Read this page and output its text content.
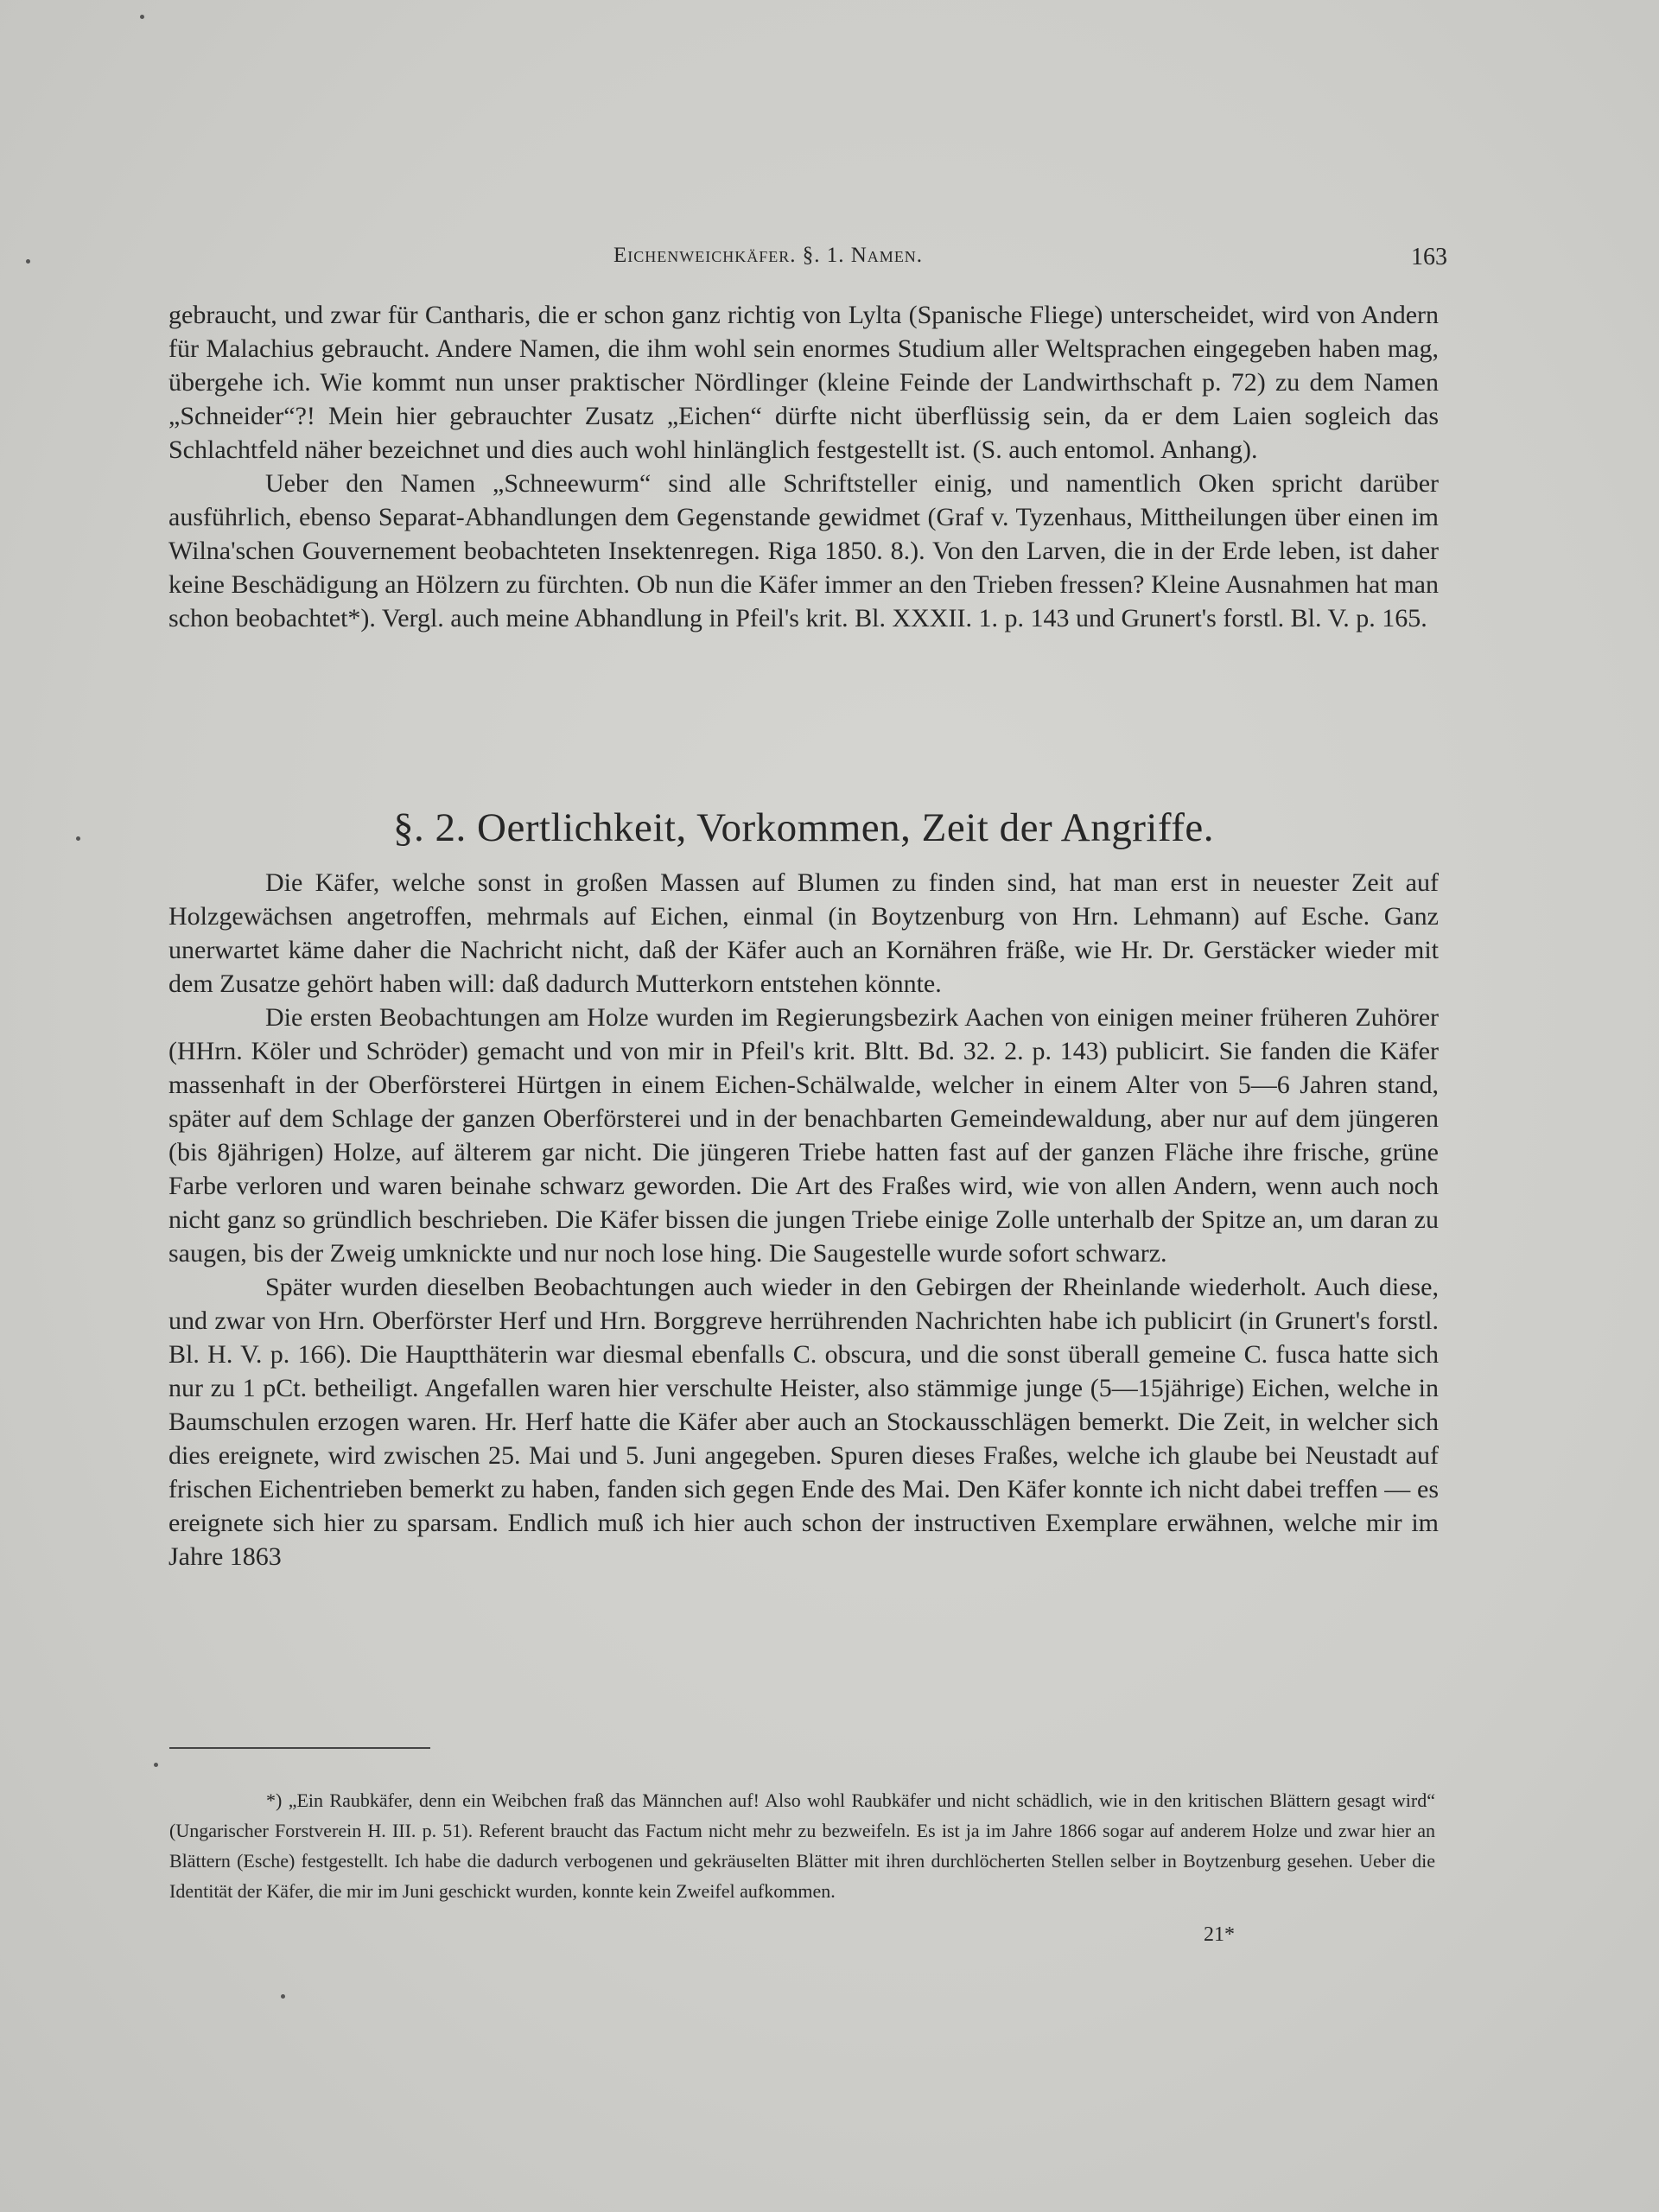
Eichenweichkäfer. §. 1. Namen.	163

gebraucht, und zwar für Cantharis, die er schon ganz richtig von Lylta (Spanische Fliege) unterscheidet, wird von Andern für Malachius gebraucht. Andere Namen, die ihm wohl sein enormes Studium aller Weltsprachen eingegeben haben mag, übergehe ich. Wie kommt nun unser praktischer Nördlinger (kleine Feinde der Landwirthschaft p. 72) zu dem Namen „Schneider“?! Mein hier gebrauchter Zusatz „Eichen“ dürfte nicht überflüssig sein, da er dem Laien sogleich das Schlachtfeld näher bezeichnet und dies auch wohl hinlänglich festgestellt ist. (S. auch entomol. Anhang).

Ueber den Namen „Schneewurm“ sind alle Schriftsteller einig, und namentlich Oken spricht darüber ausführlich, ebenso Separat-Abhandlungen dem Gegenstande gewidmet (Graf v. Tyzenhaus, Mittheilungen über einen im Wilna'schen Gouvernement beobachteten Insektenregen. Riga 1850. 8.). Von den Larven, die in der Erde leben, ist daher keine Beschädigung an Hölzern zu fürchten. Ob nun die Käfer immer an den Trieben fressen? Kleine Ausnahmen hat man schon beobachtet*). Vergl. auch meine Abhandlung in Pfeil's krit. Bl. XXXII. 1. p. 143 und Grunert's forstl. Bl. V. p. 165.

§. 2. Oertlichkeit, Vorkommen, Zeit der Angriffe.

Die Käfer, welche sonst in großen Massen auf Blumen zu finden sind, hat man erst in neuester Zeit auf Holzgewächsen angetroffen, mehrmals auf Eichen, einmal (in Boytzenburg von Hrn. Lehmann) auf Esche. Ganz unerwartet käme daher die Nachricht nicht, daß der Käfer auch an Kornähren fräße, wie Hr. Dr. Gerstäcker wieder mit dem Zusatze gehört haben will: daß dadurch Mutterkorn entstehen könnte.

Die ersten Beobachtungen am Holze wurden im Regierungsbezirk Aachen von einigen meiner früheren Zuhörer (HHrn. Köler und Schröder) gemacht und von mir in Pfeil's krit. Bltt. Bd. 32. 2. p. 143) publicirt. Sie fanden die Käfer massenhaft in der Oberförsterei Hürtgen in einem Eichen-Schälwalde, welcher in einem Alter von 5—6 Jahren stand, später auf dem Schlage der ganzen Oberförsterei und in der benachbarten Gemeindewaldung, aber nur auf dem jüngeren (bis 8jährigen) Holze, auf älterem gar nicht. Die jüngeren Triebe hatten fast auf der ganzen Fläche ihre frische, grüne Farbe verloren und waren beinahe schwarz geworden. Die Art des Fraßes wird, wie von allen Andern, wenn auch noch nicht ganz so gründlich beschrieben. Die Käfer bissen die jungen Triebe einige Zolle unterhalb der Spitze an, um daran zu saugen, bis der Zweig umknickte und nur noch lose hing. Die Saugestelle wurde sofort schwarz.

Später wurden dieselben Beobachtungen auch wieder in den Gebirgen der Rheinlande wiederholt. Auch diese, und zwar von Hrn. Oberförster Herf und Hrn. Borggreve herrührenden Nachrichten habe ich publicirt (in Grunert's forstl. Bl. H. V. p. 166). Die Hauptthäterin war diesmal ebenfalls C. obscura, und die sonst überall gemeine C. fusca hatte sich nur zu 1 pCt. betheiligt. Angefallen waren hier verschulte Heister, also stämmige junge (5—15jährige) Eichen, welche in Baumschulen erzogen waren. Hr. Herf hatte die Käfer aber auch an Stockausschlägen bemerkt. Die Zeit, in welcher sich dies ereignete, wird zwischen 25. Mai und 5. Juni angegeben. Spuren dieses Fraßes, welche ich glaube bei Neustadt auf frischen Eichentrieben bemerkt zu haben, fanden sich gegen Ende des Mai. Den Käfer konnte ich nicht dabei treffen — es ereignete sich hier zu sparsam. Endlich muß ich hier auch schon der instructiven Exemplare erwähnen, welche mir im Jahre 1863

*) „Ein Raubkäfer, denn ein Weibchen fraß das Männchen auf! Also wohl Raubkäfer und nicht schädlich, wie in den kritischen Blättern gesagt wird“ (Ungarischer Forstverein H. III. p. 51). Referent braucht das Factum nicht mehr zu bezweifeln. Es ist ja im Jahre 1866 sogar auf anderem Holze und zwar hier an Blättern (Esche) festgestellt. Ich habe die dadurch verbogenen und gekräuselten Blätter mit ihren durchlöcherten Stellen selber in Boytzenburg gesehen. Ueber die Identität der Käfer, die mir im Juni geschickt wurden, konnte kein Zweifel aufkommen.
21*
